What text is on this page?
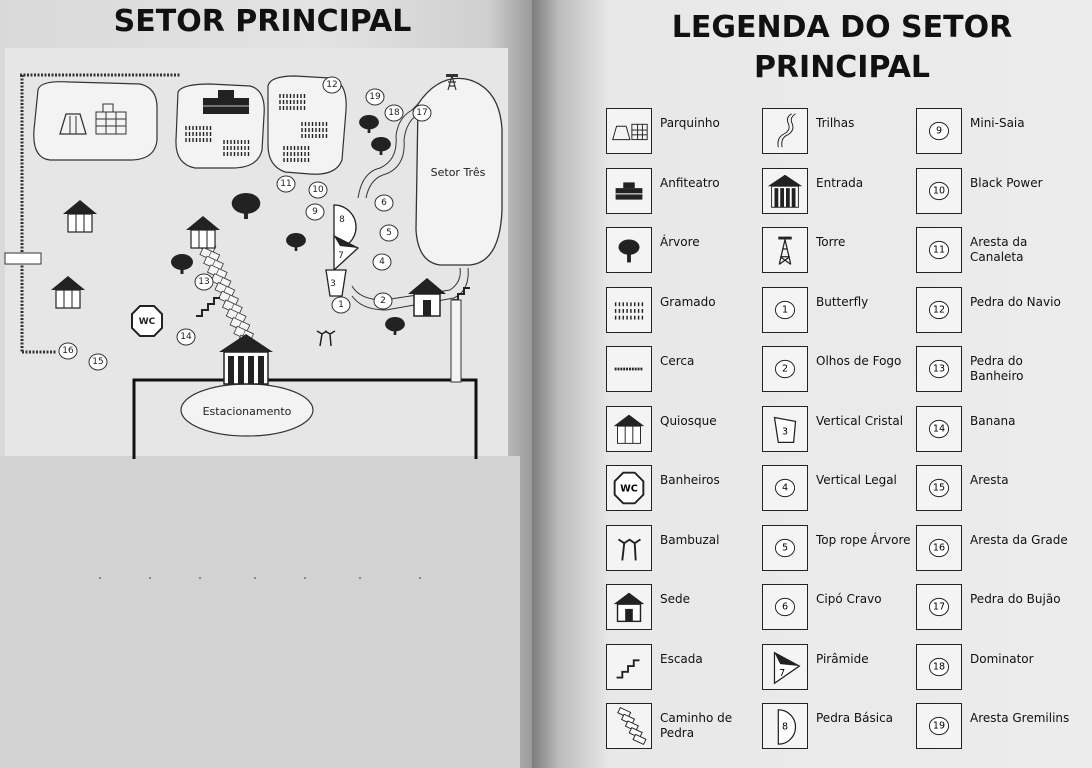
SETOR PRINCIPAL
Setor Três
WC
Estacionamento
1	2
3
4
5
6
7
8
9
10
11
12
13
14
15
16
17
18
19
LEGENDA DO SETOR
PRINCIPAL
Parquinho
Anfiteatro
Árvore
Gramado
Cerca
Quiosque
WC
Banheiros
Bambuzal
Sede
Escada
Caminho de Pedra
Trilhas
Entrada
Torre
1
Butterfly
2
Olhos de Fogo
3
Vertical Cristal
4
Vertical Legal
5
Top rope Árvore
6
Cipó Cravo
7
Pirâmide
8
Pedra Básica
9
Mini-Saia
10
Black Power
11
Aresta da Canaleta
12
Pedra do Navio
13
Pedra do Banheiro
14
Banana
15
Aresta
16
Aresta da Grade
17
Pedra do Bujão
18
Dominator
19
Aresta Gremilins
